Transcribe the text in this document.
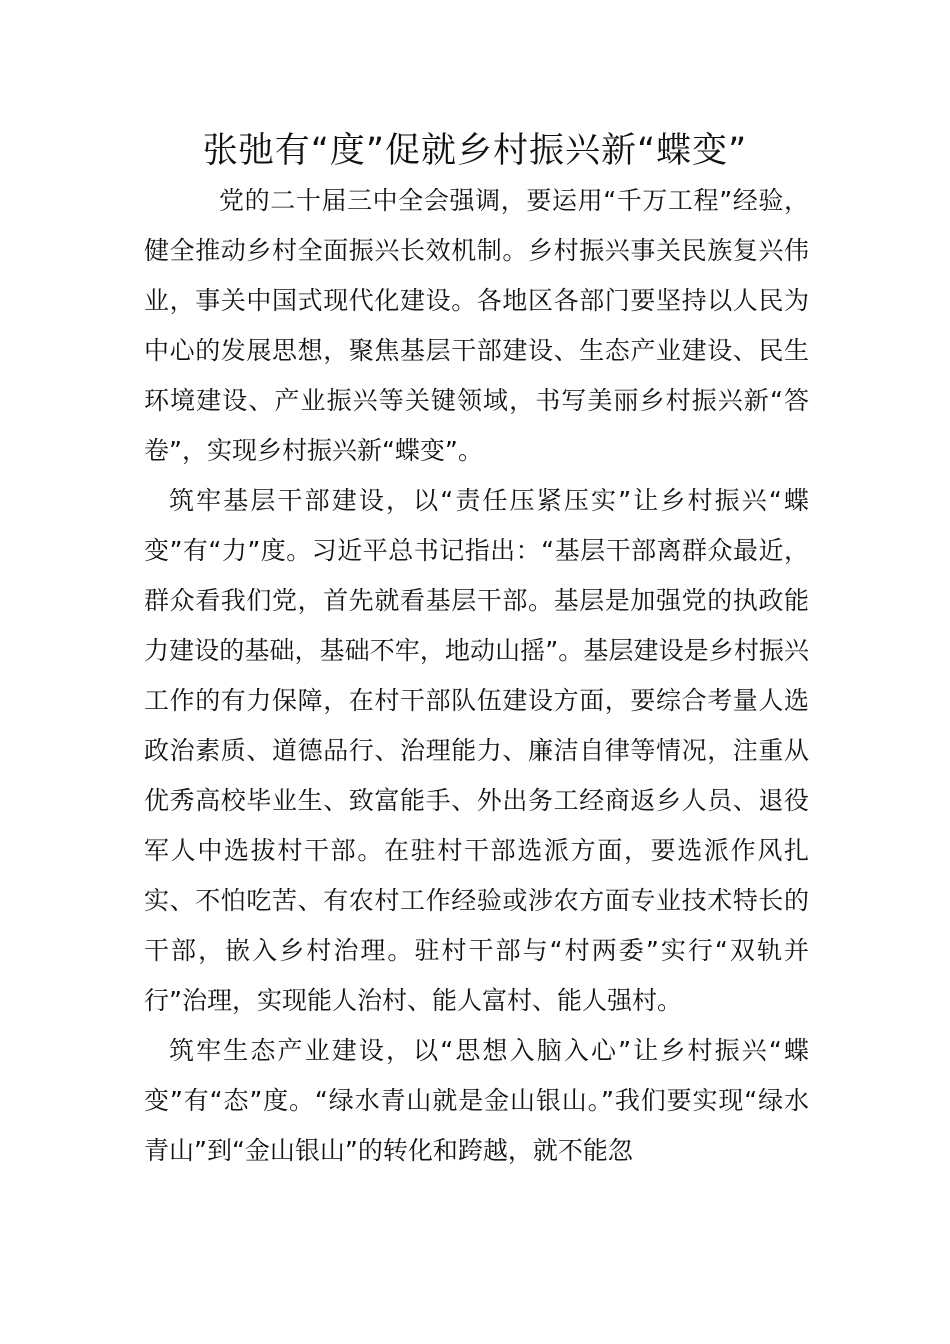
张弛有“度”促就乡村振兴新“蝶变”

党的二十届三中全会强调，要运用“千万工程”经验，健全推动乡村全面振兴长效机制。乡村振兴事关民族复兴伟业，事关中国式现代化建设。各地区各部门要坚持以人民为中心的发展思想，聚焦基层干部建设、生态产业建设、民生环境建设、产业振兴等关键领域，书写美丽乡村振兴新“答卷”，实现乡村振兴新“蝶变”。

筑牢基层干部建设，以“责任压紧压实”让乡村振兴“蝶变”有“力”度。习近平总书记指出：“基层干部离群众最近，群众看我们党，首先就看基层干部。基层是加强党的执政能力建设的基础，基础不牢，地动山摇”。基层建设是乡村振兴工作的有力保障，在村干部队伍建设方面，要综合考量人选政治素质、道德品行、治理能力、廉洁自律等情况，注重从优秀高校毕业生、致富能手、外出务工经商返乡人员、退役军人中选拔村干部。在驻村干部选派方面，要选派作风扎实、不怕吃苦、有农村工作经验或涉农方面专业技术特长的干部，嵌入乡村治理。驻村干部与“村两委”实行“双轨并行”治理，实现能人治村、能人富村、能人强村。

筑牢生态产业建设，以“思想入脑入心”让乡村振兴“蝶变”有“态”度。“绿水青山就是金山银山。”我们要实现“绿水青山”到“金山银山”的转化和跨越，就不能忽
